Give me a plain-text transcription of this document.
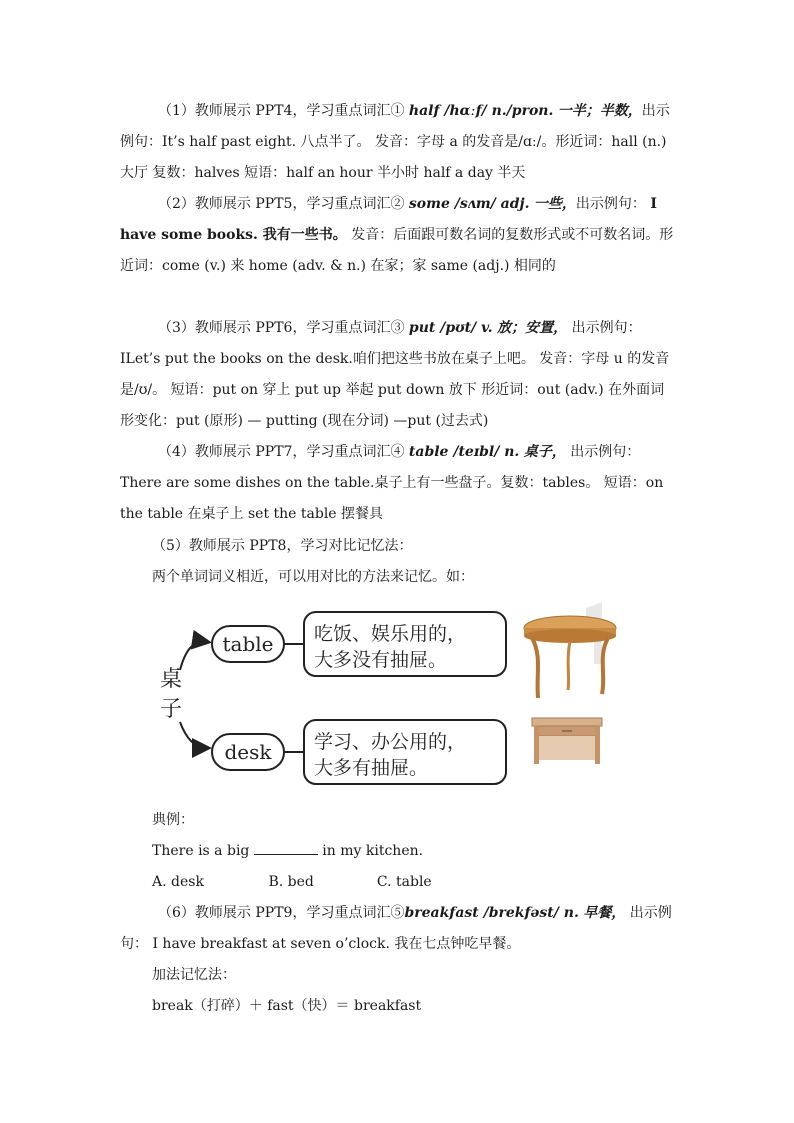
（1）教师展示 PPT4，学习重点词汇① half /hɑːf/ n./pron. 一半；半数，出示例句：It’s half past eight. 八点半了。 发音：字母 a 的发音是/ɑː/。形近词：hall (n.) 大厅 复数：halves 短语：half an hour 半小时 half a day 半天
（2）教师展示 PPT5，学习重点词汇② some /sʌm/ adj. 一些，出示例句： I have some books. 我有一些书。 发音：后面跟可数名词的复数形式或不可数名词。形近词：come (v.) 来 home (adv. & n.) 在家；家 same (adj.) 相同的
（3）教师展示 PPT6，学习重点词汇③ put /pʊt/ v. 放；安置， 出示例句：ILet’s put the books on the desk.咱们把这些书放在桌子上吧。 发音：字母 u 的发音是/ʊ/。 短语：put on 穿上 put up 举起 put down 放下 形近词：out (adv.) 在外面词形变化：put (原形) — putting (现在分词) —put (过去式)
（4）教师展示 PPT7，学习重点词汇④ table /teɪbl/ n. 桌子， 出示例句：There are some dishes on the table.桌子上有一些盘子。复数：tables。 短语：on the table 在桌子上 set the table 摆餐具
（5）教师展示 PPT8，学习对比记忆法：
两个单词词义相近，可以用对比的方法来记忆。如：
桌
子
table 吃饭、娱乐用的，
大多没有抽屉。
desk 学习、办公用的，
大多有抽屉。
典例：
There is a big	in my kitchen.
A. desk	B. bed	C. table
（6）教师展示 PPT9，学习重点词汇⑤breakfast /brekfəst/ n. 早餐， 出示例句： I have breakfast at seven o’clock. 我在七点钟吃早餐。
加法记忆法：
break（打碎）＋ fast（快）＝ breakfast
